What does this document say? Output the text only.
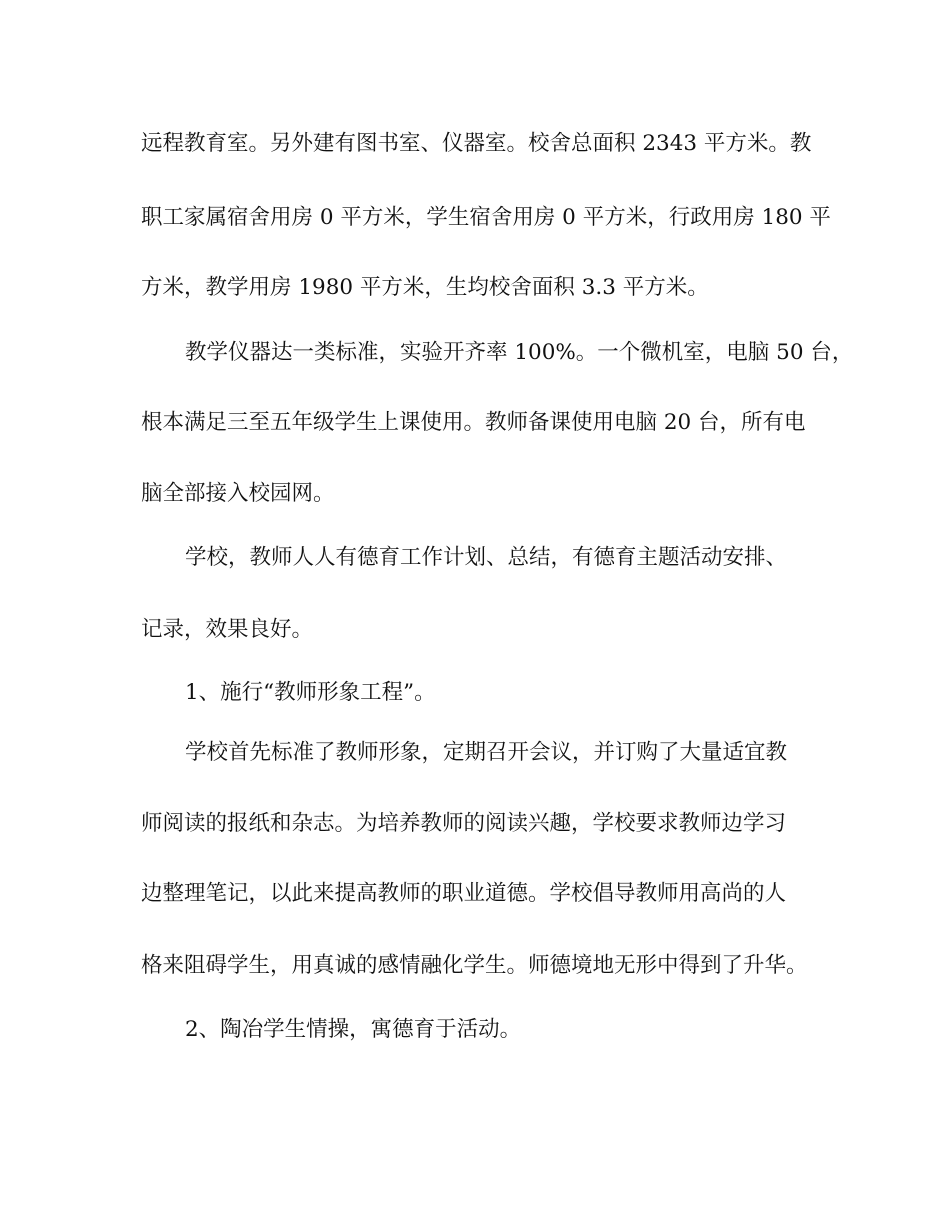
远程教育室。另外建有图书室、仪器室。校舍总面积 2343 平方米。教
职工家属宿舍用房 0 平方米，学生宿舍用房 0 平方米，行政用房 180 平
方米，教学用房 1980 平方米，生均校舍面积 3.3 平方米。
教学仪器达一类标准，实验开齐率 100%。一个微机室，电脑 50 台，
根本满足三至五年级学生上课使用。教师备课使用电脑 20 台，所有电
脑全部接入校园网。
学校，教师人人有德育工作计划、总结，有德育主题活动安排、
记录，效果良好。
1、施行“教师形象工程”。
学校首先标准了教师形象，定期召开会议，并订购了大量适宜教
师阅读的报纸和杂志。为培养教师的阅读兴趣，学校要求教师边学习
边整理笔记，以此来提高教师的职业道德。学校倡导教师用高尚的人
格来阻碍学生，用真诚的感情融化学生。师德境地无形中得到了升华。
2、陶冶学生情操，寓德育于活动。
